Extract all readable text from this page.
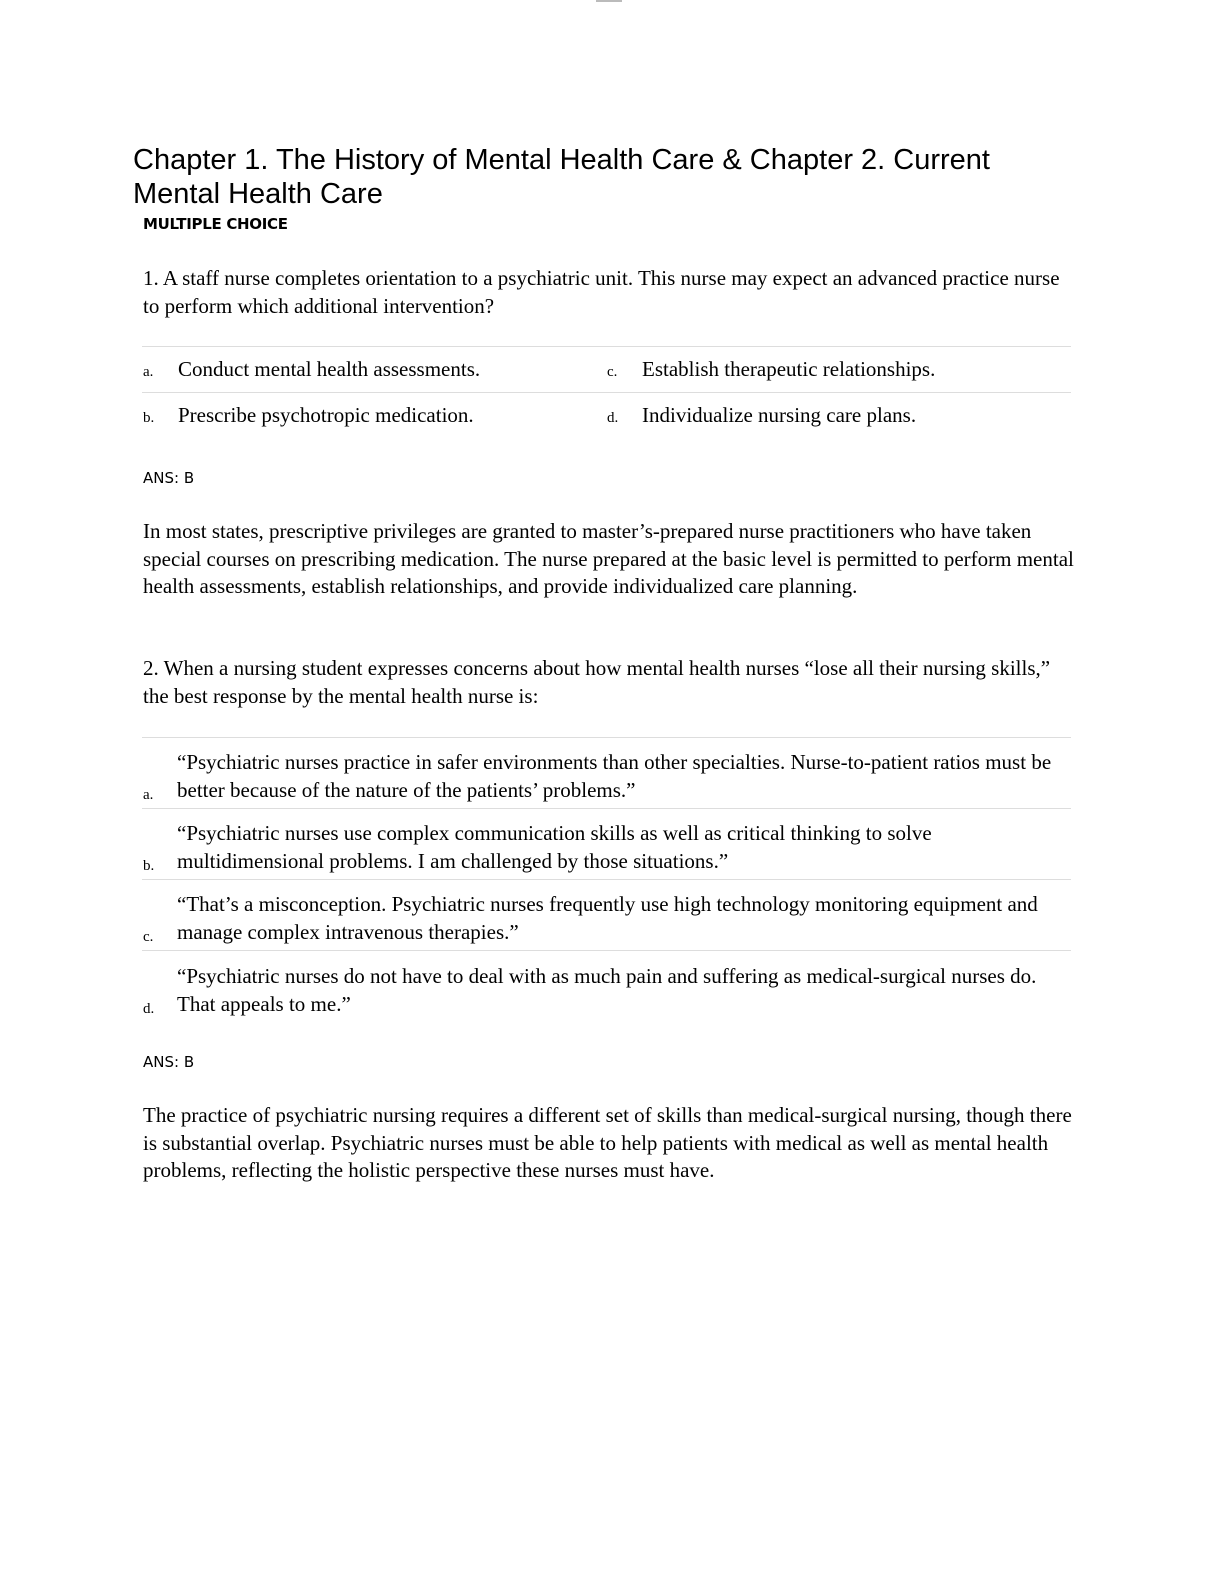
Chapter 1. The History of Mental Health Care & Chapter 2. Current Mental Health Care
MULTIPLE CHOICE

1. A staff nurse completes orientation to a psychiatric unit. This nurse may expect an advanced practice nurse to perform which additional intervention?

a.	Conduct mental health assessments.	c.	Establish therapeutic relationships.
b.	Prescribe psychotropic medication.	d.	Individualize nursing care plans.
ANS: B

In most states, prescriptive privileges are granted to master’s-prepared nurse practitioners who have taken special courses on prescribing medication. The nurse prepared at the basic level is permitted to perform mental health assessments, establish relationships, and provide individualized care planning.

2. When a nursing student expresses concerns about how mental health nurses “lose all their nursing skills,” the best response by the mental health nurse is:

a.
“Psychiatric nurses practice in safer environments than other specialties. Nurse-to-patient ratios must be better because of the nature of the patients’ problems.”
b.
“Psychiatric nurses use complex communication skills as well as critical thinking to solve multidimensional problems. I am challenged by those situations.”
c.
“That’s a misconception. Psychiatric nurses frequently use high technology monitoring equipment and manage complex intravenous therapies.”
d.
“Psychiatric nurses do not have to deal with as much pain and suffering as medical-surgical nurses do. That appeals to me.”
ANS: B

The practice of psychiatric nursing requires a different set of skills than medical-surgical nursing, though there is substantial overlap. Psychiatric nurses must be able to help patients with medical as well as mental health problems, reflecting the holistic perspective these nurses must have.
